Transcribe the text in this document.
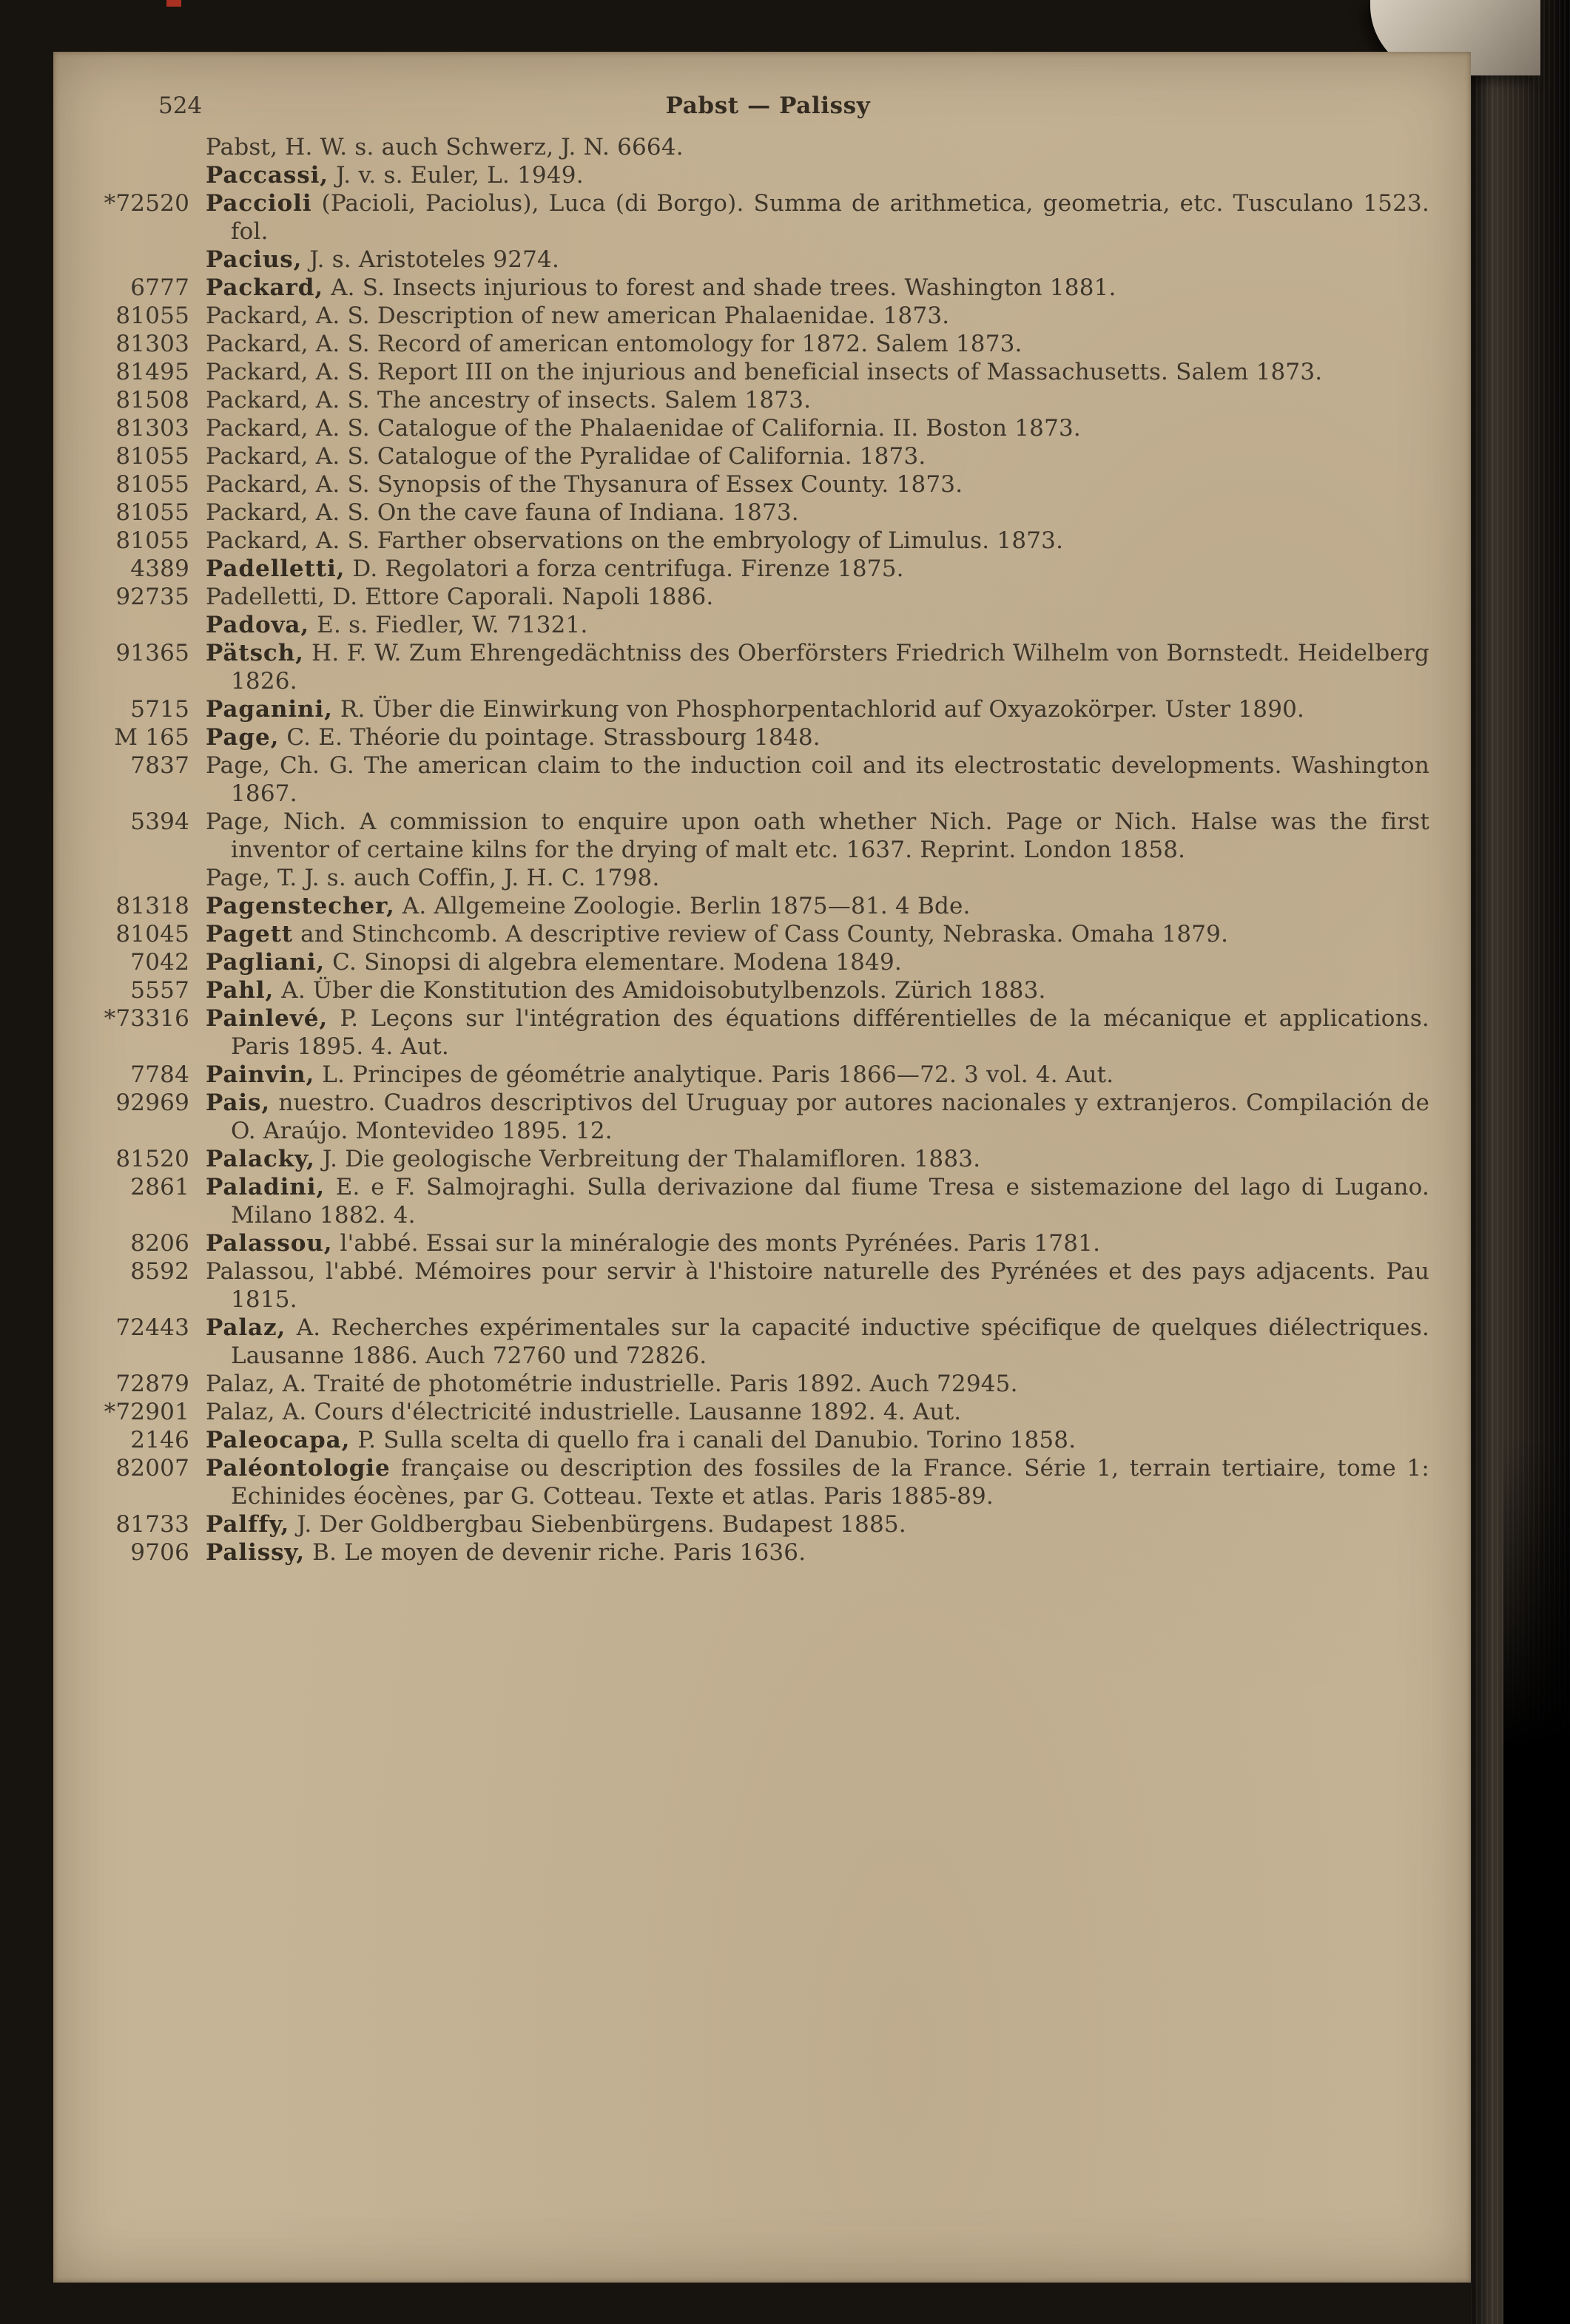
524	Pabst — Palissy
Pabst, H. W. s. auch Schwerz, J. N. 6664.
Paccassi, J. v. s. Euler, L. 1949.
*72520 Paccioli (Pacioli, Paciolus), Luca (di Borgo). Summa de arithmetica, geometria, etc. Tusculano 1523. fol.
Pacius, J. s. Aristoteles 9274.
6777 Packard, A. S. Insects injurious to forest and shade trees. Washington 1881.
81055 Packard, A. S. Description of new american Phalaenidae. 1873.
81303 Packard, A. S. Record of american entomology for 1872. Salem 1873.
81495 Packard, A. S. Report III on the injurious and beneficial insects of Massachusetts. Salem 1873.
81508 Packard, A. S. The ancestry of insects. Salem 1873.
81303 Packard, A. S. Catalogue of the Phalaenidae of California. II. Boston 1873.
81055 Packard, A. S. Catalogue of the Pyralidae of California. 1873.
81055 Packard, A. S. Synopsis of the Thysanura of Essex County. 1873.
81055 Packard, A. S. On the cave fauna of Indiana. 1873.
81055 Packard, A. S. Farther observations on the embryology of Limulus. 1873.
4389 Padelletti, D. Regolatori a forza centrifuga. Firenze 1875.
92735 Padelletti, D. Ettore Caporali. Napoli 1886.
Padova, E. s. Fiedler, W. 71321.
91365 Pätsch, H. F. W. Zum Ehrengedächtniss des Oberförsters Friedrich Wilhelm von Bornstedt. Heidelberg 1826.
5715 Paganini, R. Über die Einwirkung von Phosphorpentachlorid auf Oxyazokörper. Uster 1890.
M 165 Page, C. E. Théorie du pointage. Strassbourg 1848.
7837 Page, Ch. G. The american claim to the induction coil and its electrostatic developments. Washington 1867.
5394 Page, Nich. A commission to enquire upon oath whether Nich. Page or Nich. Halse was the first inventor of certaine kilns for the drying of malt etc. 1637. Reprint. London 1858.
Page, T. J. s. auch Coffin, J. H. C. 1798.
81318 Pagenstecher, A. Allgemeine Zoologie. Berlin 1875—81. 4 Bde.
81045 Pagett and Stinchcomb. A descriptive review of Cass County, Nebraska. Omaha 1879.
7042 Pagliani, C. Sinopsi di algebra elementare. Modena 1849.
5557 Pahl, A. Über die Konstitution des Amidoisobutylbenzols. Zürich 1883.
*73316 Painlevé, P. Leçons sur l'intégration des équations différentielles de la mécanique et applications. Paris 1895. 4. Aut.
7784 Painvin, L. Principes de géométrie analytique. Paris 1866—72. 3 vol. 4. Aut.
92969 Pais, nuestro. Cuadros descriptivos del Uruguay por autores nacionales y extranjeros. Compilación de O. Araújo. Montevideo 1895. 12.
81520 Palacky, J. Die geologische Verbreitung der Thalamifloren. 1883.
2861 Paladini, E. e F. Salmojraghi. Sulla derivazione dal fiume Tresa e sistemazione del lago di Lugano. Milano 1882. 4.
8206 Palassou, l'abbé. Essai sur la minéralogie des monts Pyrénées. Paris 1781.
8592 Palassou, l'abbé. Mémoires pour servir à l'histoire naturelle des Pyrénées et des pays adjacents. Pau 1815.
72443 Palaz, A. Recherches expérimentales sur la capacité inductive spécifique de quelques diélectriques. Lausanne 1886. Auch 72760 und 72826.
72879 Palaz, A. Traité de photométrie industrielle. Paris 1892. Auch 72945.
*72901 Palaz, A. Cours d'électricité industrielle. Lausanne 1892. 4. Aut.
2146 Paleocapa, P. Sulla scelta di quello fra i canali del Danubio. Torino 1858.
82007 Paléontologie française ou description des fossiles de la France. Série 1, terrain tertiaire, tome 1: Echinides éocènes, par G. Cotteau. Texte et atlas. Paris 1885-89.
81733 Palffy, J. Der Goldbergbau Siebenbürgens. Budapest 1885.
9706 Palissy, B. Le moyen de devenir riche. Paris 1636.
